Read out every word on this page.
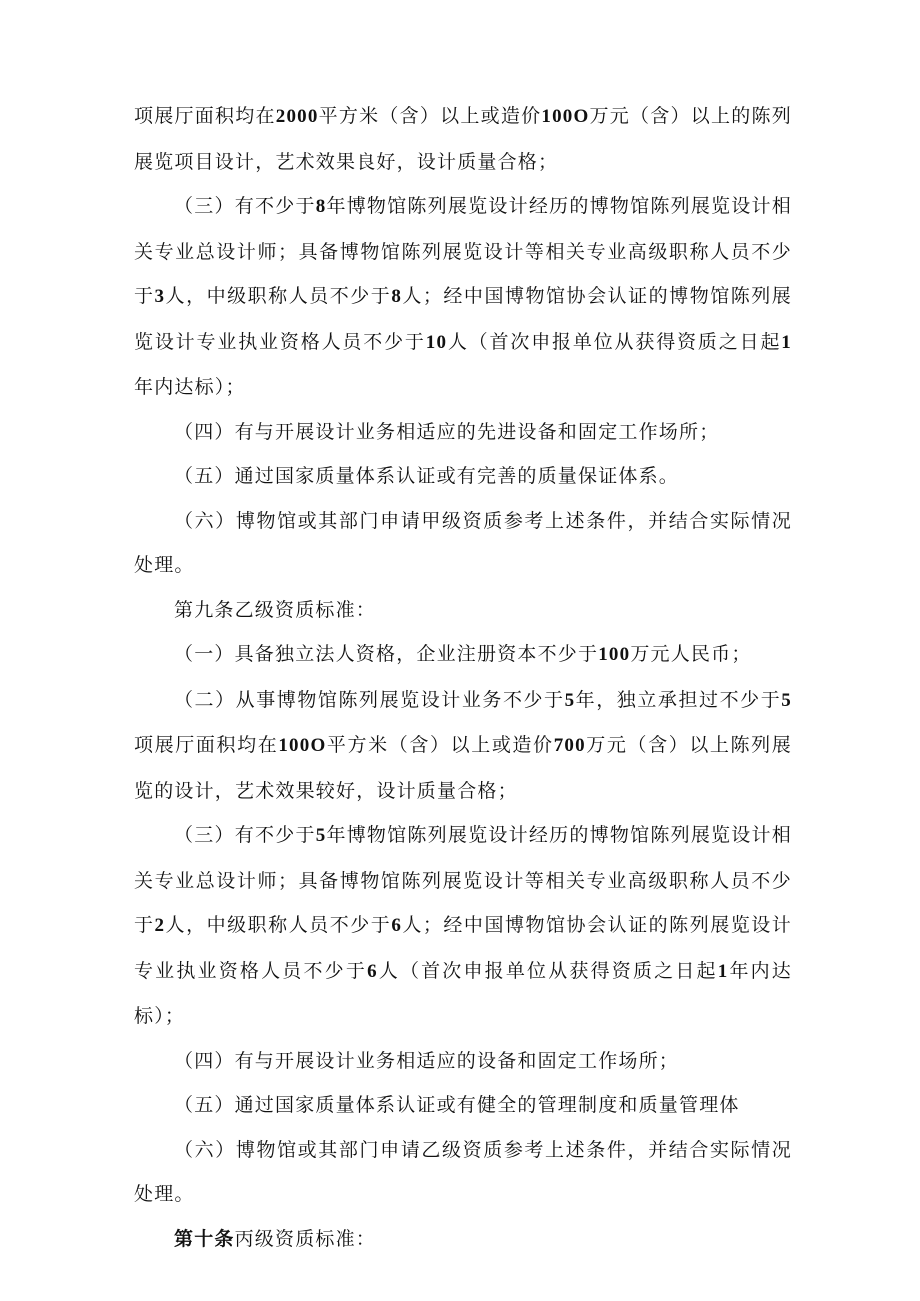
项展厅面积均在2000平方米（含）以上或造价100O万元（含）以上的陈列展览项目设计，艺术效果良好，设计质量合格；

（三）有不少于8年博物馆陈列展览设计经历的博物馆陈列展览设计相关专业总设计师；具备博物馆陈列展览设计等相关专业高级职称人员不少于3人，中级职称人员不少于8人；经中国博物馆协会认证的博物馆陈列展览设计专业执业资格人员不少于10人（首次申报单位从获得资质之日起1年内达标）；

（四）有与开展设计业务相适应的先进设备和固定工作场所；

（五）通过国家质量体系认证或有完善的质量保证体系。

（六）博物馆或其部门申请甲级资质参考上述条件，并结合实际情况处理。

第九条乙级资质标准：

（一）具备独立法人资格，企业注册资本不少于100万元人民币；

（二）从事博物馆陈列展览设计业务不少于5年，独立承担过不少于5项展厅面积均在100O平方米（含）以上或造价700万元（含）以上陈列展览的设计，艺术效果较好，设计质量合格；

（三）有不少于5年博物馆陈列展览设计经历的博物馆陈列展览设计相关专业总设计师；具备博物馆陈列展览设计等相关专业高级职称人员不少于2人，中级职称人员不少于6人；经中国博物馆协会认证的陈列展览设计专业执业资格人员不少于6人（首次申报单位从获得资质之日起1年内达标）；

（四）有与开展设计业务相适应的设备和固定工作场所；

（五）通过国家质量体系认证或有健全的管理制度和质量管理体

（六）博物馆或其部门申请乙级资质参考上述条件，并结合实际情况处理。

第十条丙级资质标准：
